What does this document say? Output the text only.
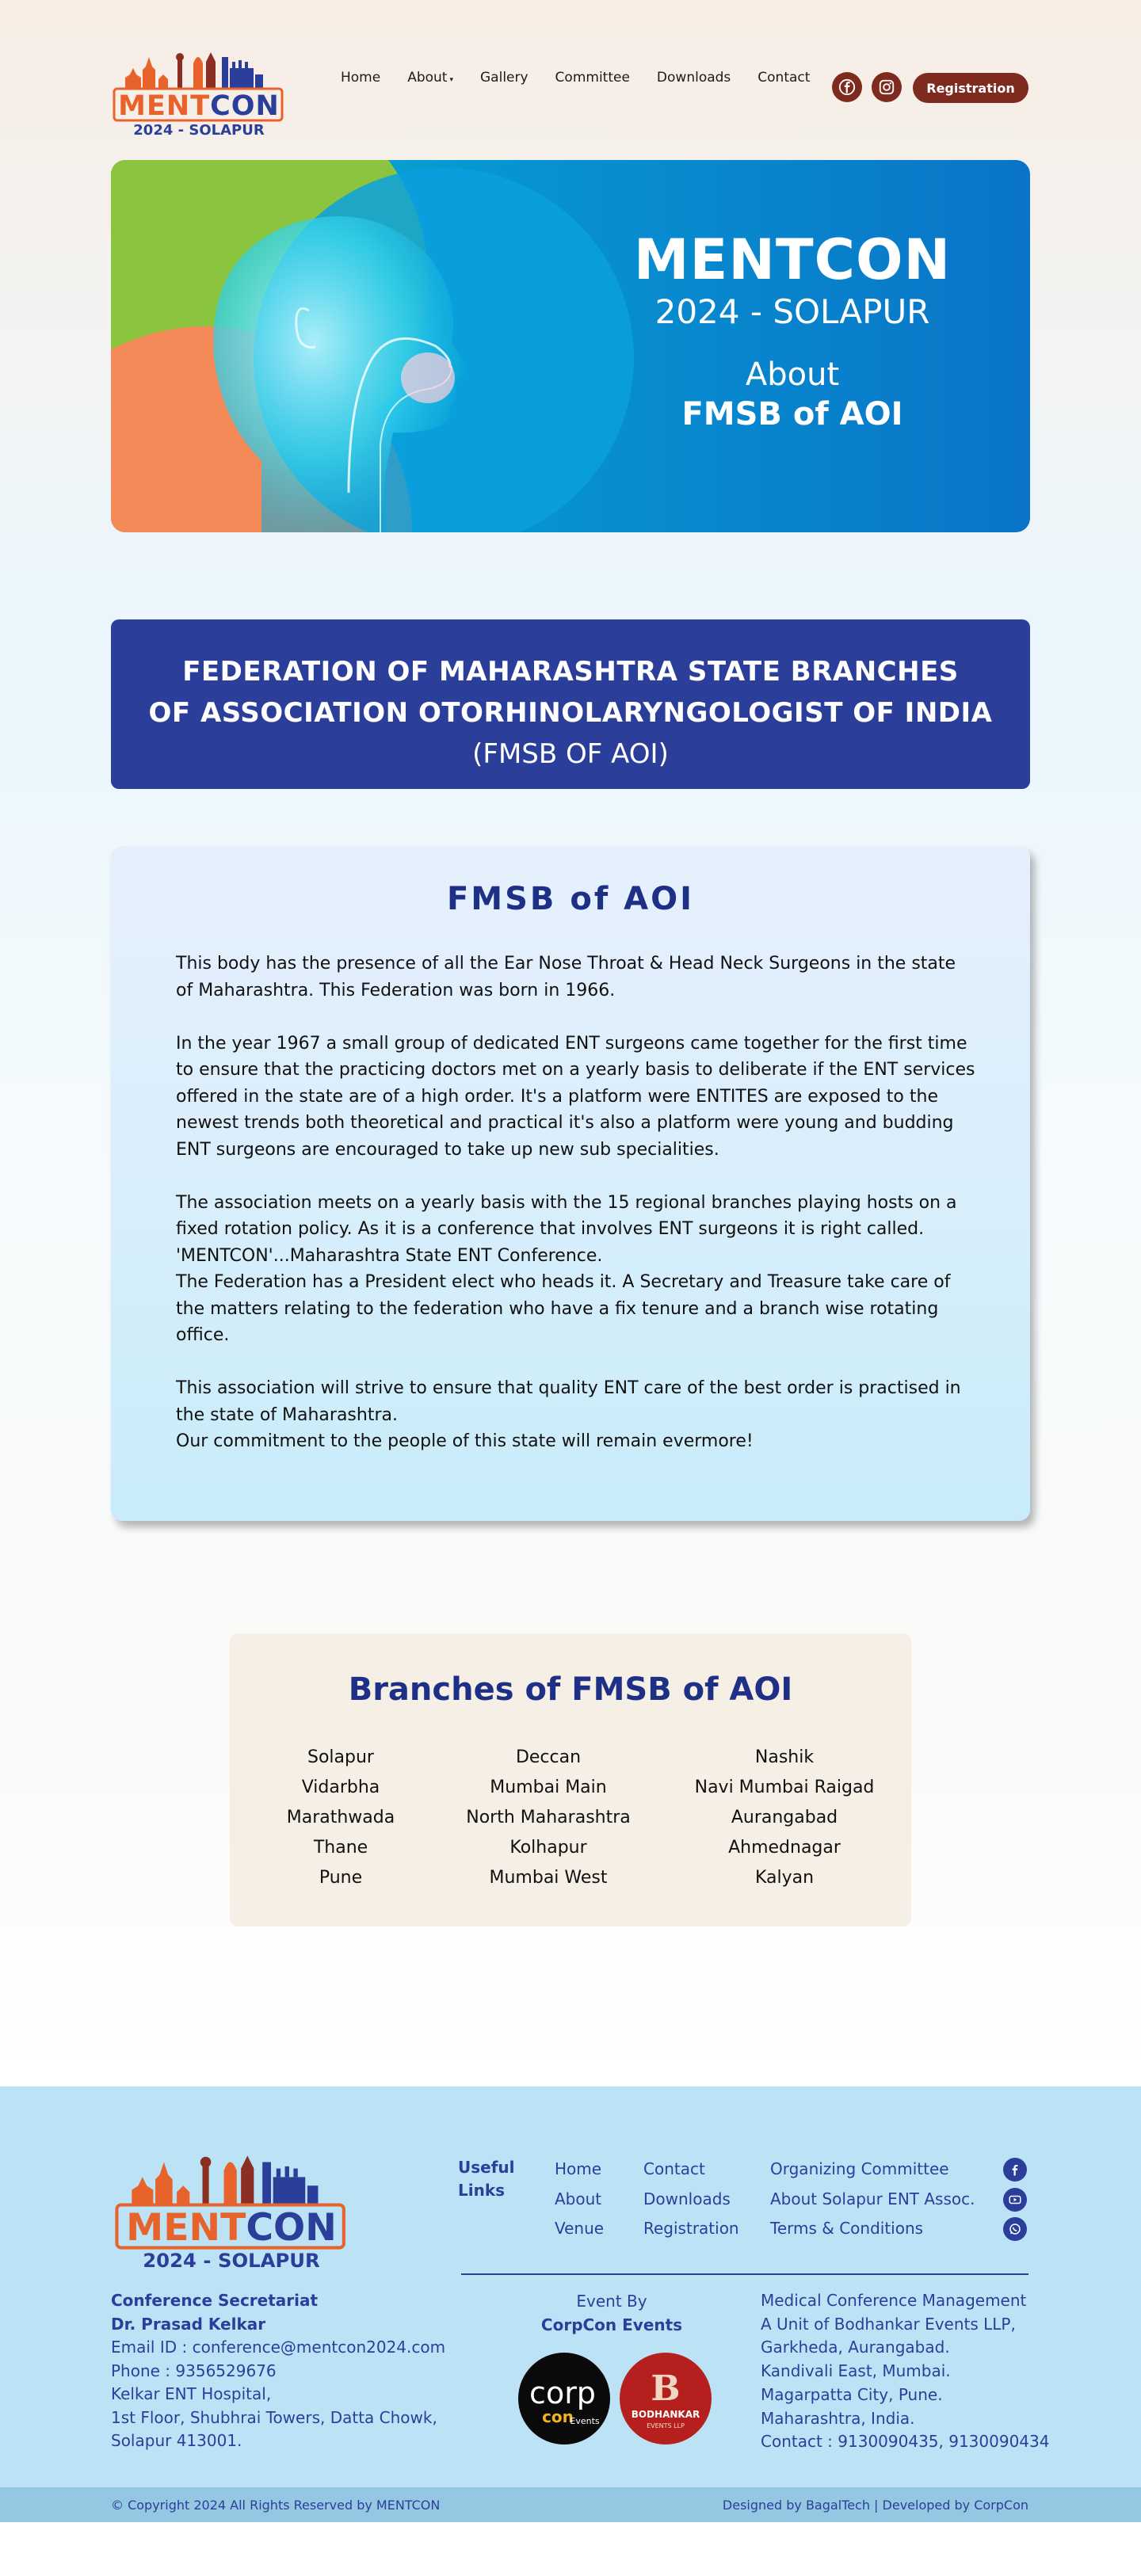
MENTCON
2024 - SOLAPUR
Home About ▾ Gallery Committee Downloads Contact
Registration
MENTCON
2024 - SOLAPUR
About
FMSB of AOI
FEDERATION OF MAHARASHTRA STATE BRANCHES
OF ASSOCIATION OTORHINOLARYNGOLOGIST OF INDIA
(FMSB OF AOI)
FMSB of AOI

This body has the presence of all the Ear Nose Throat & Head Neck Surgeons in the state of Maharashtra. This Federation was born in 1966.

In the year 1967 a small group of dedicated ENT surgeons came together for the first time to ensure that the practicing doctors met on a yearly basis to deliberate if the ENT services offered in the state are of a high order. It's a platform were ENTITES are exposed to the newest trends both theoretical and practical it's also a platform were young and budding ENT surgeons are encouraged to take up new sub specialities.

The association meets on a yearly basis with the 15 regional branches playing hosts on a fixed rotation policy. As it is a conference that involves ENT surgeons it is right called. 'MENTCON'...Maharashtra State ENT Conference.

The Federation has a President elect who heads it. A Secretary and Treasure take care of the matters relating to the federation who have a fix tenure and a branch wise rotating office.

This association will strive to ensure that quality ENT care of the best order is practised in the state of Maharashtra.

Our commitment to the people of this state will remain evermore!

Branches of FMSB of AOI
Solapur
Vidarbha
Marathwada
Thane
Pune
Deccan
Mumbai Main
North Maharashtra
Kolhapur
Mumbai West
Nashik
Navi Mumbai Raigad
Aurangabad
Ahmednagar
Kalyan
MENTCON
2024 - SOLAPUR
Useful Links
Home
About
Venue
Contact
Downloads
Registration
Organizing Committee
About Solapur ENT Assoc.
Terms & Conditions
Conference Secretariat
Dr. Prasad Kelkar
Email ID : conference@mentcon2024.com
Phone : 9356529676
Kelkar ENT Hospital,
1st Floor, Shubhrai Towers, Datta Chowk,
Solapur 413001.
Event By
CorpCon Events
corp
con
Events
B
BODHANKAR
EVENTS LLP
Medical Conference Management
A Unit of Bodhankar Events LLP,
Garkheda, Aurangabad.
Kandivali East, Mumbai.
Magarpatta City, Pune.
Maharashtra, India.
Contact : 9130090435, 9130090434
© Copyright 2024 All Rights Reserved by MENTCON	Designed by BagalTech | Developed by CorpCon
